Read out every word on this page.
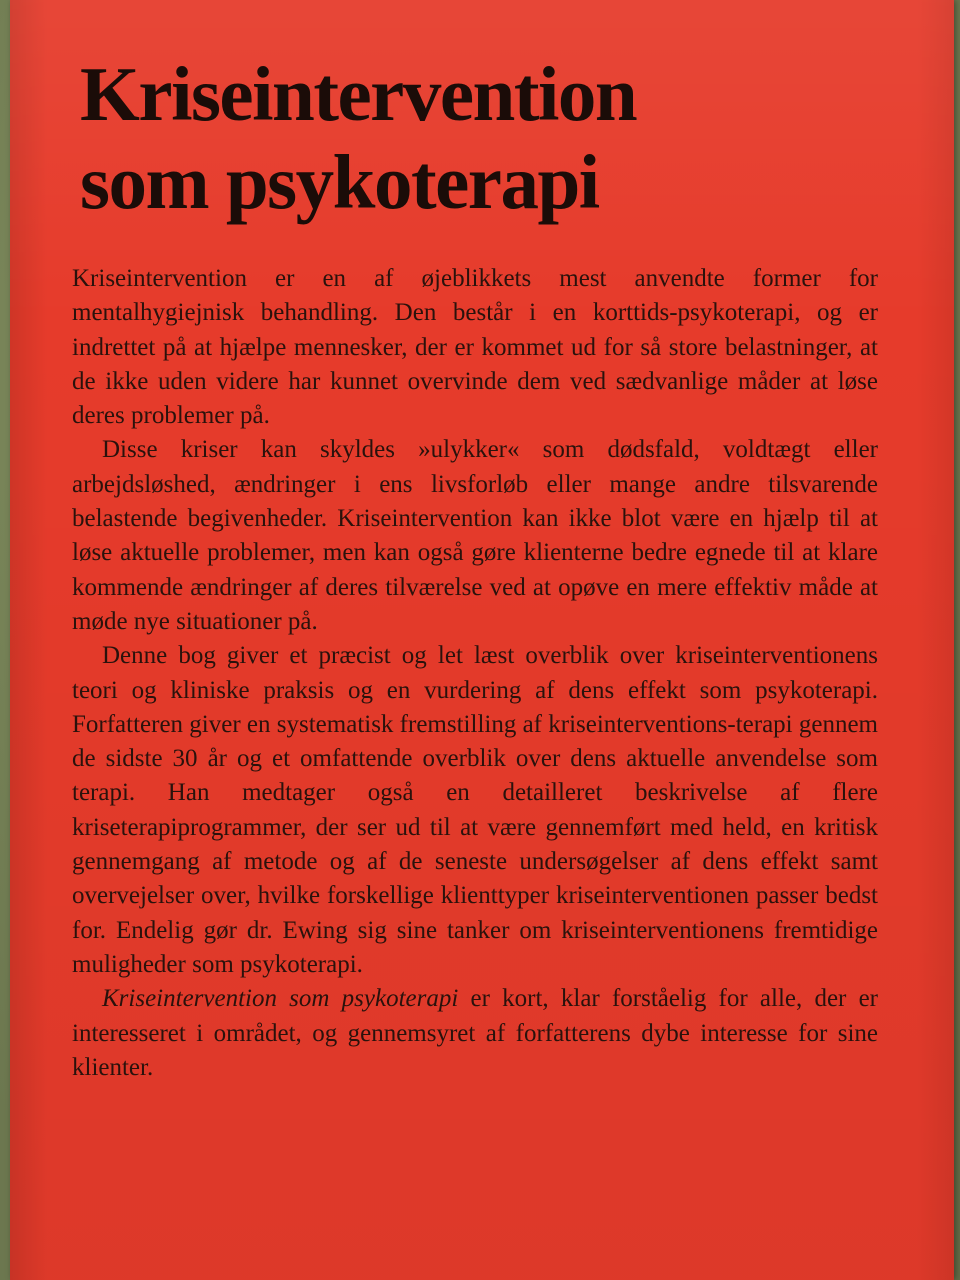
Kriseintervention
som psykoterapi

Kriseintervention er en af øjeblikkets mest anvendte former for mentalhygiejnisk behandling. Den består i en korttids-psykoterapi, og er indrettet på at hjælpe mennesker, der er kommet ud for så store belastninger, at de ikke uden videre har kunnet overvinde dem ved sædvanlige måder at løse deres problemer på.

Disse kriser kan skyldes »ulykker« som dødsfald, voldtægt eller arbejdsløshed, ændringer i ens livsforløb eller mange andre tilsvarende belastende begivenheder. Kriseintervention kan ikke blot være en hjælp til at løse aktuelle problemer, men kan også gøre klienterne bedre egnede til at klare kommende ændringer af deres tilværelse ved at opøve en mere effektiv måde at møde nye situationer på.

Denne bog giver et præcist og let læst overblik over kriseinterventionens teori og kliniske praksis og en vurdering af dens effekt som psykoterapi. Forfatteren giver en systematisk fremstilling af kriseinterventions-terapi gennem de sidste 30 år og et omfattende overblik over dens aktuelle anvendelse som terapi. Han medtager også en detailleret beskrivelse af flere kriseterapiprogrammer, der ser ud til at være gennemført med held, en kritisk gennemgang af metode og af de seneste undersøgelser af dens effekt samt overvejelser over, hvilke forskellige klienttyper kriseinterventionen passer bedst for. Endelig gør dr. Ewing sig sine tanker om kriseinterventionens fremtidige muligheder som psykoterapi.

Kriseintervention som psykoterapi er kort, klar forståelig for alle, der er interesseret i området, og gennemsyret af forfatterens dybe interesse for sine klienter.
